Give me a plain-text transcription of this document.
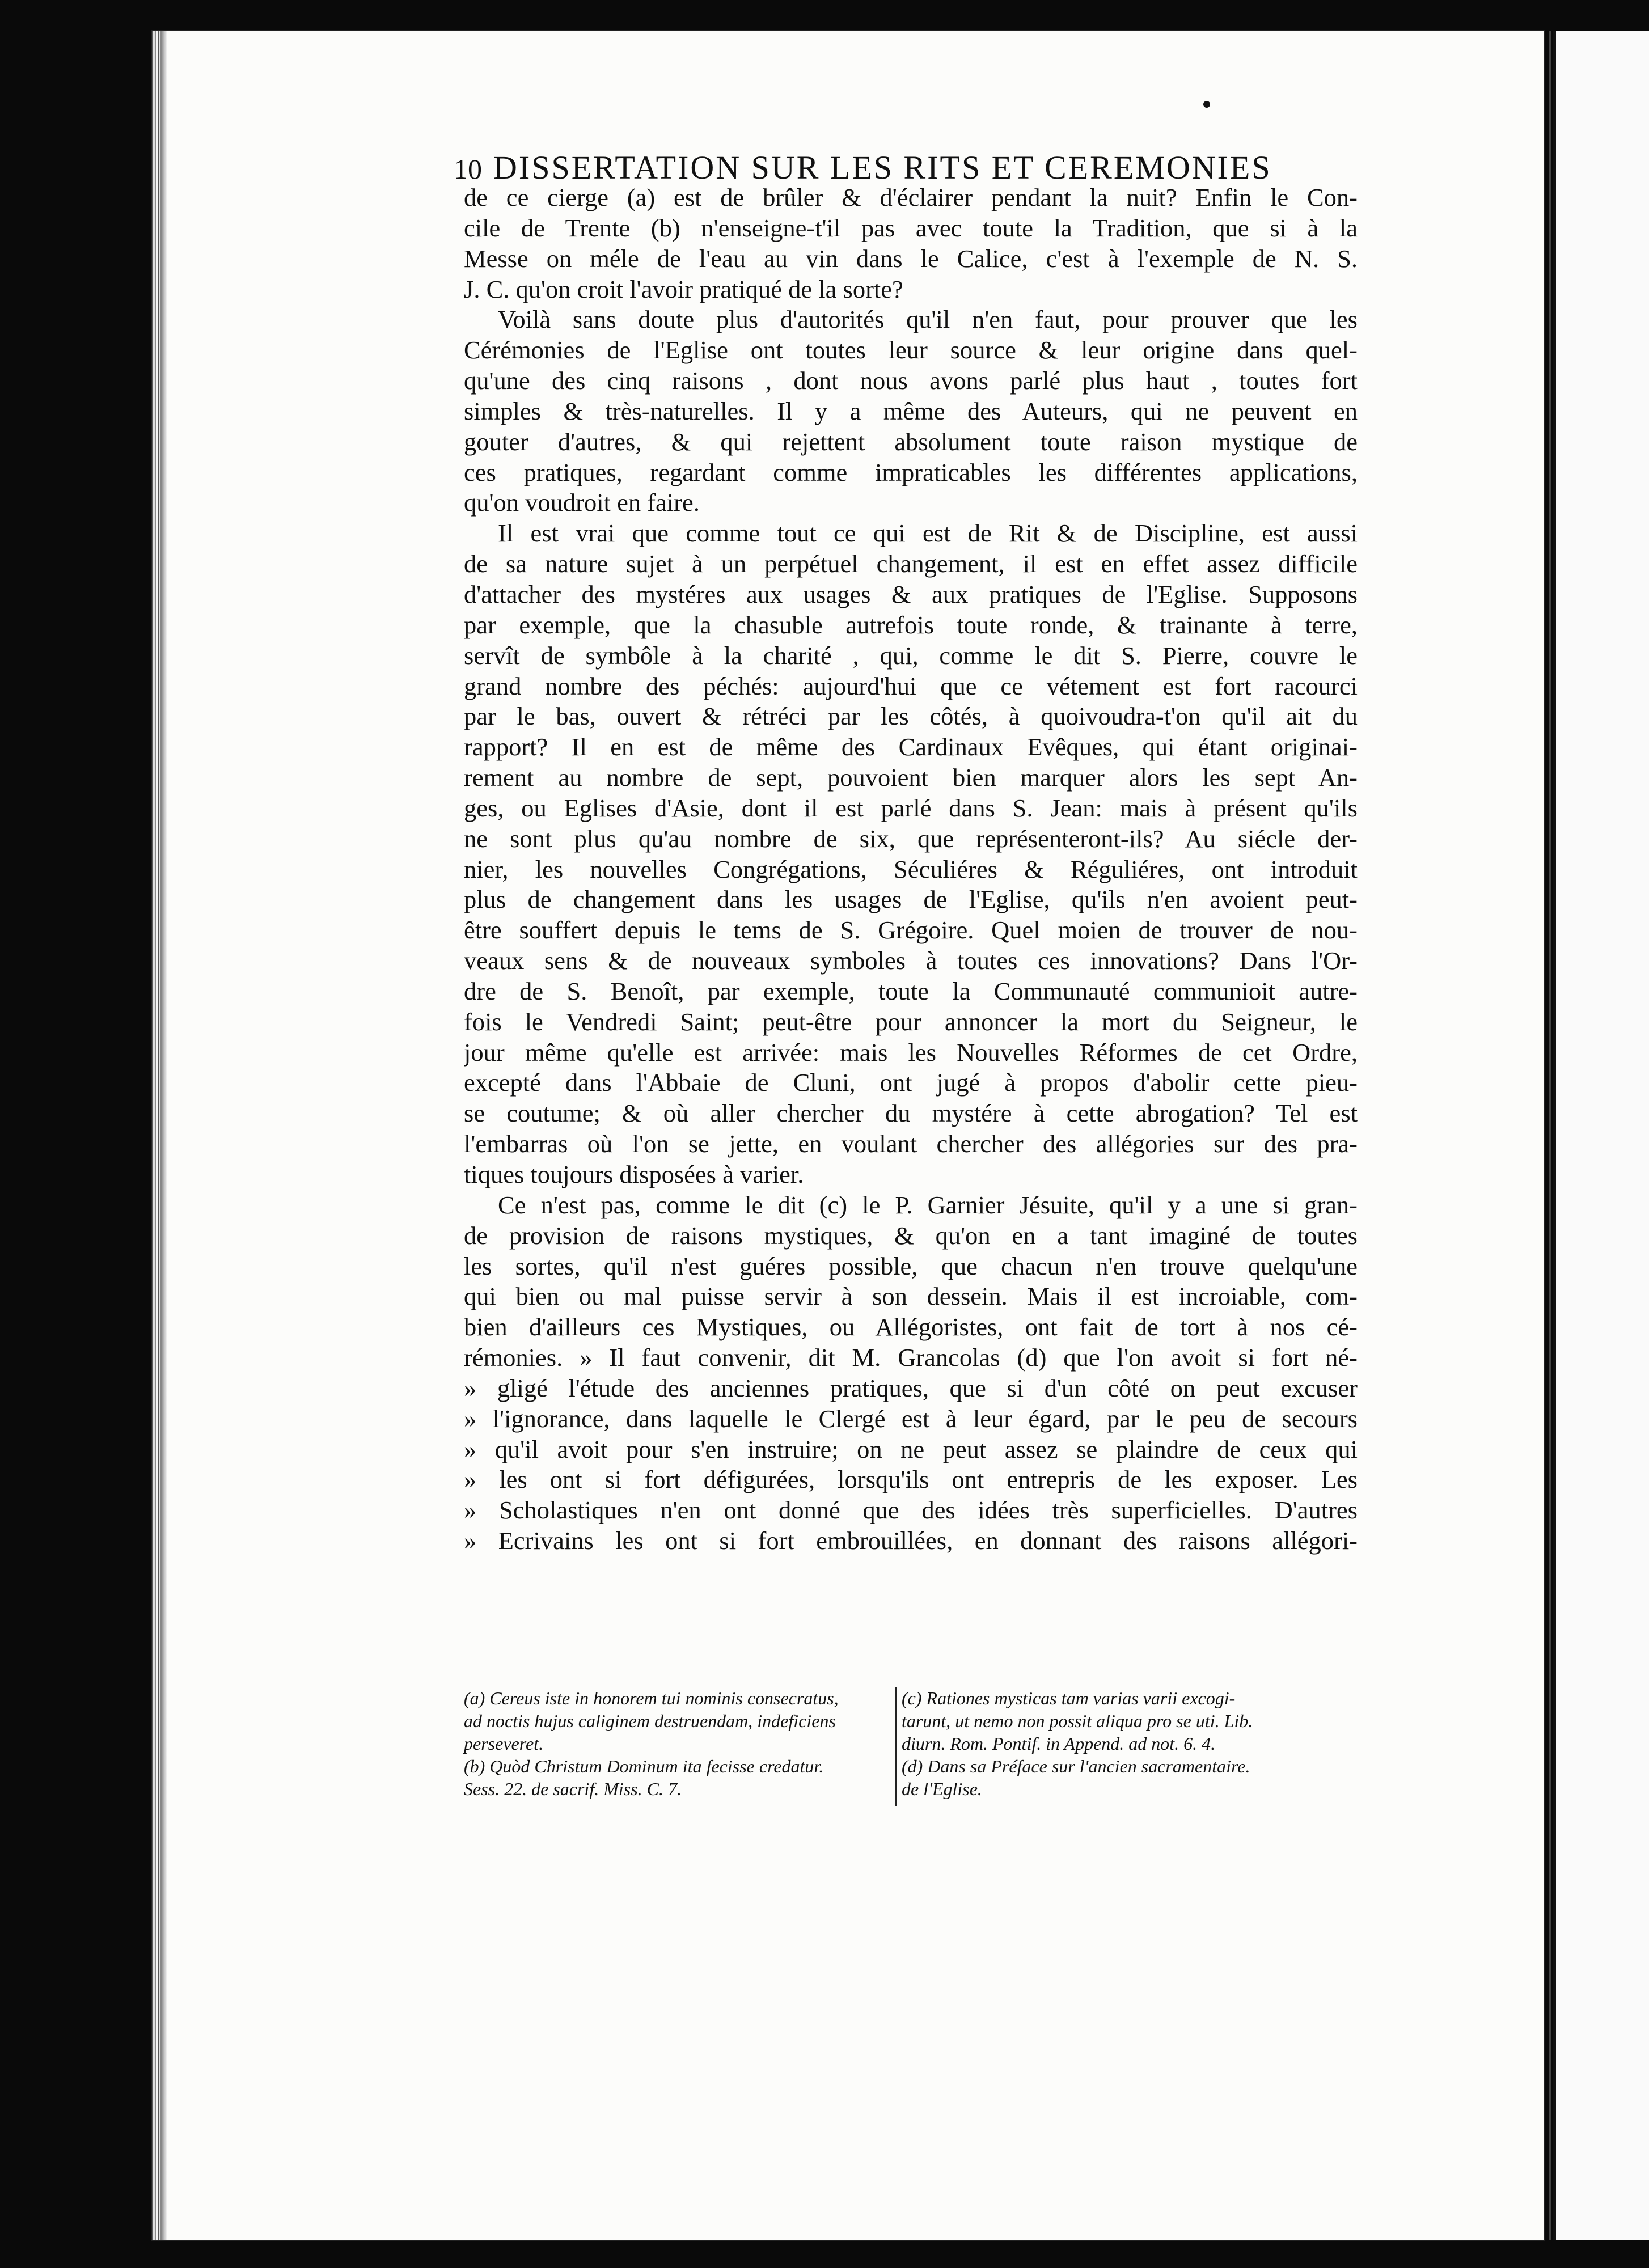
10 DISSERTATION SUR LES RITS ET CEREMONIES
de ce cierge (a) est de brûler & d'éclairer pendant la nuit? Enfin le Con-
cile de Trente (b) n'enseigne-t'il pas avec toute la Tradition, que si à la
Messe on méle de l'eau au vin dans le Calice, c'est à l'exemple de N. S.
J. C. qu'on croit l'avoir pratiqué de la sorte?
Voilà sans doute plus d'autorités qu'il n'en faut, pour prouver que les
Cérémonies de l'Eglise ont toutes leur source & leur origine dans quel-
qu'une des cinq raisons , dont nous avons parlé plus haut , toutes fort
simples & très-naturelles. Il y a même des Auteurs, qui ne peuvent en
gouter d'autres, & qui rejettent absolument toute raison mystique de
ces pratiques, regardant comme impraticables les différentes applications,
qu'on voudroit en faire.
Il est vrai que comme tout ce qui est de Rit & de Discipline, est aussi
de sa nature sujet à un perpétuel changement, il est en effet assez difficile
d'attacher des mystéres aux usages & aux pratiques de l'Eglise. Supposons
par exemple, que la chasuble autrefois toute ronde, & trainante à terre,
servît de symbôle à la charité , qui, comme le dit S. Pierre, couvre le
grand nombre des péchés: aujourd'hui que ce vétement est fort racourci
par le bas, ouvert & rétréci par les côtés, à quoivoudra-t'on qu'il ait du
rapport? Il en est de même des Cardinaux Evêques, qui étant originai-
rement au nombre de sept, pouvoient bien marquer alors les sept An-
ges, ou Eglises d'Asie, dont il est parlé dans S. Jean: mais à présent qu'ils
ne sont plus qu'au nombre de six, que représenteront-ils? Au siécle der-
nier, les nouvelles Congrégations, Séculiéres & Réguliéres, ont introduit
plus de changement dans les usages de l'Eglise, qu'ils n'en avoient peut-
être souffert depuis le tems de S. Grégoire. Quel moien de trouver de nou-
veaux sens & de nouveaux symboles à toutes ces innovations? Dans l'Or-
dre de S. Benoît, par exemple, toute la Communauté communioit autre-
fois le Vendredi Saint; peut-être pour annoncer la mort du Seigneur, le
jour même qu'elle est arrivée: mais les Nouvelles Réformes de cet Ordre,
excepté dans l'Abbaie de Cluni, ont jugé à propos d'abolir cette pieu-
se coutume; & où aller chercher du mystére à cette abrogation? Tel est
l'embarras où l'on se jette, en voulant chercher des allégories sur des pra-
tiques toujours disposées à varier.
Ce n'est pas, comme le dit (c) le P. Garnier Jésuite, qu'il y a une si gran-
de provision de raisons mystiques, & qu'on en a tant imaginé de toutes
les sortes, qu'il n'est guéres possible, que chacun n'en trouve quelqu'une
qui bien ou mal puisse servir à son dessein. Mais il est incroiable, com-
bien d'ailleurs ces Mystiques, ou Allégoristes, ont fait de tort à nos cé-
rémonies. » Il faut convenir, dit M. Grancolas (d) que l'on avoit si fort né-
» gligé l'étude des anciennes pratiques, que si d'un côté on peut excuser
» l'ignorance, dans laquelle le Clergé est à leur égard, par le peu de secours
» qu'il avoit pour s'en instruire; on ne peut assez se plaindre de ceux qui
» les ont si fort défigurées, lorsqu'ils ont entrepris de les exposer. Les
» Scholastiques n'en ont donné que des idées très superficielles. D'autres
» Ecrivains les ont si fort embrouillées, en donnant des raisons allégori-
(a) Cereus iste in honorem tui nominis consecratus,
ad noctis hujus caliginem destruendam, indeficiens
perseveret.
(b) Quòd Christum Dominum ita fecisse credatur.
Sess. 22. de sacrif. Miss. C. 7.
(c) Rationes mysticas tam varias varii excogi-
tarunt, ut nemo non possit aliqua pro se uti. Lib.
diurn. Rom. Pontif. in Append. ad not. 6. 4.
(d) Dans sa Préface sur l'ancien sacramentaire.
de l'Eglise.
